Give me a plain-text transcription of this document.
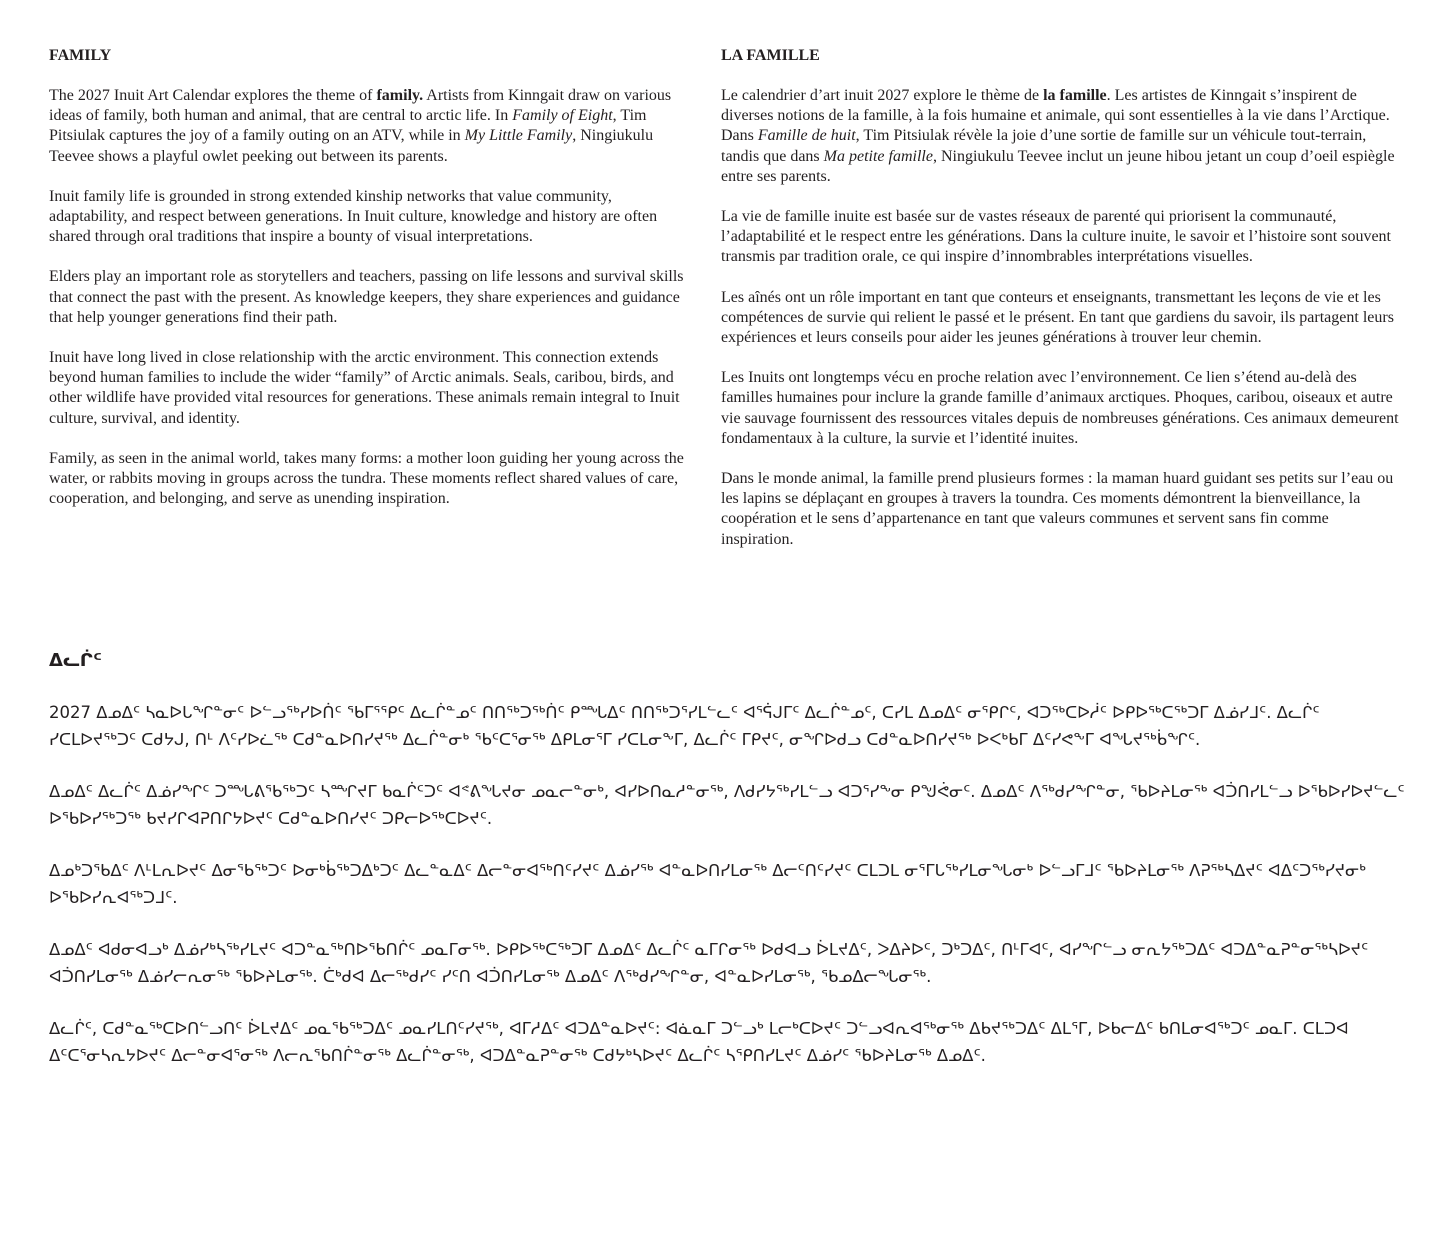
FAMILY

The 2027 Inuit Art Calendar explores the theme of family. Artists from Kinngait draw on various ideas of family, both human and animal, that are central to arctic life. In Family of Eight, Tim Pitsiulak captures the joy of a family outing on an ATV, while in My Little Family, Ningiukulu Teevee shows a playful owlet peeking out between its parents.

Inuit family life is grounded in strong extended kinship networks that value community, adaptability, and respect between generations. In Inuit culture, knowledge and history are often shared through oral traditions that inspire a bounty of visual interpretations.

Elders play an important role as storytellers and teachers, passing on life lessons and survival skills that connect the past with the present. As knowledge keepers, they share experiences and guidance that help younger generations find their path.

Inuit have long lived in close relationship with the arctic environment. This connection extends beyond human families to include the wider “family” of Arctic animals. Seals, caribou, birds, and other wildlife have provided vital resources for generations. These animals remain integral to Inuit culture, survival, and identity.

Family, as seen in the animal world, takes many forms: a mother loon guiding her young across the water, or rabbits moving in groups across the tundra. These moments reflect shared values of care, cooperation, and belonging, and serve as unending inspiration.

LA FAMILLE

Le calendrier d’art inuit 2027 explore le thème de la famille. Les artistes de Kinngait s’inspirent de diverses notions de la famille, à la fois humaine et animale, qui sont essentielles à la vie dans l’Arctique. Dans Famille de huit, Tim Pitsiulak révèle la joie d’une sortie de famille sur un véhicule tout-terrain, tandis que dans Ma petite famille, Ningiukulu Teevee inclut un jeune hibou jetant un coup d’oeil espiègle entre ses parents.

La vie de famille inuite est basée sur de vastes réseaux de parenté qui priorisent la communauté, l’adaptabilité et le respect entre les générations. Dans la culture inuite, le savoir et l’histoire sont souvent transmis par tradition orale, ce qui inspire d’innombrables interprétations visuelles.

Les aînés ont un rôle important en tant que conteurs et enseignants, transmettant les leçons de vie et les compétences de survie qui relient le passé et le présent. En tant que gardiens du savoir, ils partagent leurs expériences et leurs conseils pour aider les jeunes générations à trouver leur chemin.

Les Inuits ont longtemps vécu en proche relation avec l’environnement. Ce lien s’étend au-delà des familles humaines pour inclure la grande famille d’animaux arctiques. Phoques, caribou, oiseaux et autre vie sauvage fournissent des ressources vitales depuis de nombreuses générations. Ces animaux demeurent fondamentaux à la culture, la survie et l’identité inuites.

Dans le monde animal, la famille prend plusieurs formes : la maman huard guidant ses petits sur l’eau ou les lapins se déplaçant en groupes à travers la toundra. Ces moments démontrent la bienveillance, la coopération et le sens d’appartenance en tant que valeurs communes et servent sans fin comme inspiration.

ᐃᓚᒌᑦ

2027 ᐃᓄᐃᑦ ᓴᓇᐅᒐᖏᓐᓂᑦ ᐅᓪᓗᖅᓯᐅᑏᑦ ᖃᒥᕐᕿᑦ ᐃᓚᒌᓐᓄᑦ ᑎᑎᖅᑐᖅᑏᑦ ᑭᙵᐃᑦ ᑎᑎᖅᑐᕐᓯᒪᓪᓚᑦ ᐊᕐᕌᒍᒥᑦ ᐃᓚᒌᓐᓄᑦ, ᑕᓯᒪ ᐃᓄᐃᑦ ᓂᕿᒋᑦ, ᐊᑐᖅᑕᐅᓲᑦ ᐅᑭᐅᖅᑕᖅᑐᒥ ᐃᓅᓯᒧᑦ. ᐃᓚᒌᑦ ᓯᑕᒪᐅᔪᖅᑐᑦ ᑕᑯᔭᒍ, ᑎᒻ ᐱᑦᓯᐅᓛᖅ ᑕᑯᓐᓇᐅᑎᓯᔪᖅ ᐃᓚᒌᓐᓂᒃ ᖃᑦᑕᕐᓂᖅ ᐃᑭᒪᓂᕐᒥ ᓯᑕᒪᓂᖕᒥ, ᐃᓚᒌᑦ ᒥᑭᔪᑦ, ᓂᖏᐅᑯᓗ ᑕᑯᓐᓇᐅᑎᓯᔪᖅ ᐅᐸᒃᑲᒥ ᐃᑦᓯᕙᖕᒥ ᐊᖓᔪᖅᑳᖏᑦ.

ᐃᓄᐃᑦ ᐃᓚᒌᑦ ᐃᓅᓯᖏᑦ ᑐᙵᕕᖃᖅᑐᑦ ᓴᙱᔪᒥ ᑲᓇᒌᑦᑐᑦ ᐊᕝᕕᖓᔪᓂ ᓄᓇᓕᓐᓂᒃ, ᐊᓯᐅᑎᓇᓱᓐᓂᖅ, ᐱᑯᓯᔭᖅᓯᒪᓪᓗ ᐊᑐᕐᓯᖕᓂ ᑭᖑᕚᓂᑦ. ᐃᓄᐃᑦ ᐱᖅᑯᓯᖏᓐᓂ, ᖃᐅᔨᒪᓂᖅ ᐊᑑᑎᓯᒪᓪᓗ ᐅᖃᐅᓯᐅᔪᓪᓚᑦ ᐅᖃᐅᓯᖅᑐᖅ ᑲᔪᓯᒋᐊᕈᑎᒋᔭᐅᔪᑦ ᑕᑯᓐᓇᐅᑎᓯᔪᑦ ᑐᑭᓕᐅᖅᑕᐅᔪᑦ.

ᐃᓄᒃᑐᖃᐃᑦ ᐱᒻᒪᕆᐅᔪᑦ ᐃᓂᖃᖅᑐᑦ ᐅᓂᒃᑳᖅᑐᐃᒃᑐᑦ ᐃᓚᓐᓇᐃᑦ ᐃᓕᓐᓂᐊᖅᑎᑦᓯᔪᑦ ᐃᓅᓯᖅ ᐊᓐᓇᐅᑎᓯᒪᓂᖅ ᐃᓕᑦᑎᑦᓯᔪᑦ ᑕᒪᑐᒪ ᓂᕐᒥᒐᖅᓯᒪᓂᖓᓂᒃ ᐅᓪᓗᒥᒧᑦ ᖃᐅᔨᒪᓂᖅ ᐱᕈᖅᓴᐃᔪᑦ ᐊᐃᑦᑐᖅᓯᔪᓂᒃ ᐅᖃᐅᓯᕆᐊᖅᑐᒧᑦ.

ᐃᓄᐃᑦ ᐊᑯᓂᐊᓗᒃ ᐃᓅᓯᒃᓴᖅᓯᒪᔪᑦ ᐊᑐᓐᓇᖅᑎᐅᖃᑎᒌᑦ ᓄᓇᒥᓂᖅ. ᐅᑭᐅᖅᑕᖅᑐᒥ ᐃᓄᐃᑦ ᐃᓚᒌᑦ ᓇᒥᒋᓂᖅ ᐅᑯᐊᓗ ᐆᒪᔪᐃᑦ, ᐳᐃᔨᐅᑦ, ᑐᒃᑐᐃᑦ, ᑎᒻᒥᐊᑦ, ᐊᓯᖏᓪᓗ ᓂᕆᔭᖅᑐᐃᑦ ᐊᑐᐃᓐᓇᕈᓐᓂᖅᓴᐅᔪᑦ ᐊᑑᑎᓯᒪᓂᖅ ᐃᓅᓯᓕᕆᓂᖅ ᖃᐅᔨᒪᓂᖅ. ᑖᒃᑯᐊ ᐃᓕᖅᑯᓯᑦ ᓯᑦᑎ ᐊᑑᑎᓯᒪᓂᖅ ᐃᓄᐃᑦ ᐱᖅᑯᓯᖏᓐᓂ, ᐊᓐᓇᐅᓯᒪᓂᖅ, ᖃᓄᐃᓕᖓᓂᖅ.

ᐃᓚᒌᑦ, ᑕᑯᓐᓇᖅᑕᐅᑎᓪᓗᑎᑦ ᐆᒪᔪᐃᑦ ᓄᓇᖃᖅᑐᐃᑦ ᓄᓇᓯᒪᑎᑦᓯᔪᖅ, ᐊᒥᓱᐃᑦ ᐊᑐᐃᓐᓇᐅᔪᑦ: ᐊᓈᓇᒥ ᑐᓪᓗᒃ ᒪᓕᒃᑕᐅᔪᑦ ᑐᓪᓗᐊᕆᐊᖅᓂᖅ ᐃᑲᔪᖅᑐᐃᑦ ᐃᒪᕐᒥ, ᐅᑲᓕᐃᑦ ᑲᑎᒪᓂᐊᖅᑐᑦ ᓄᓇᒥ. ᑕᒪᑐᐊ ᐃᑦᑕᕐᓂᓴᕆᔭᐅᔪᑦ ᐃᓕᓐᓂᐊᕐᓂᖅ ᐱᓕᕆᖃᑎᒌᓐᓂᖅ ᐃᓚᒌᓐᓂᖅ, ᐊᑐᐃᓐᓇᕈᓐᓂᖅ ᑕᑯᔭᒃᓴᐅᔪᑦ ᐃᓚᒌᑦ ᓴᕿᑎᓯᒪᔪᑦ ᐃᓅᓯᑦ ᖃᐅᔨᒪᓂᖅ ᐃᓄᐃᑦ.
